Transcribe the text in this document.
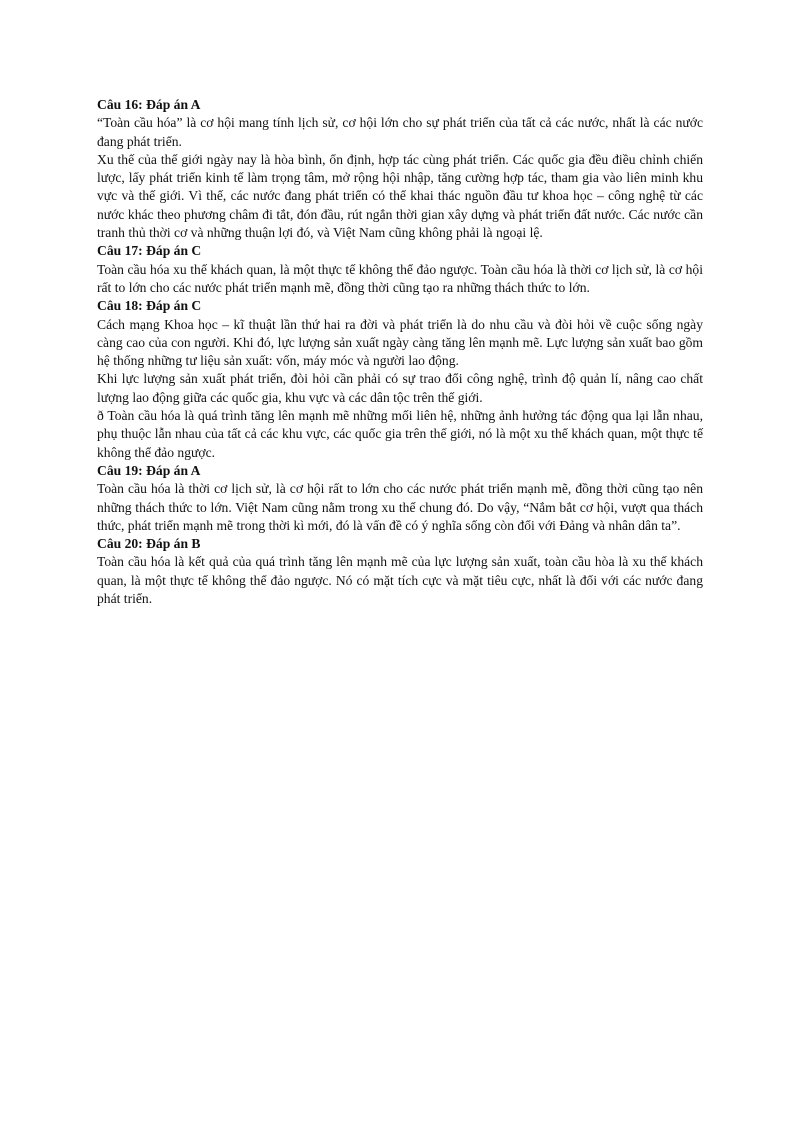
Câu 16: Đáp án A

“Toàn cầu hóa” là cơ hội mang tính lịch sử, cơ hội lớn cho sự phát triển của tất cả các nước, nhất là các nước đang phát triển.

Xu thế của thế giới ngày nay là hòa bình, ổn định, hợp tác cùng phát triển. Các quốc gia đều điều chỉnh chiến lược, lấy phát triển kinh tế làm trọng tâm, mở rộng hội nhập, tăng cường hợp tác, tham gia vào liên minh khu vực và thế giới. Vì thế, các nước đang phát triển có thể khai thác nguồn đầu tư khoa học – công nghệ từ các nước khác theo phương châm đi tắt, đón đầu, rút ngắn thời gian xây dựng và phát triển đất nước. Các nước cần tranh thủ thời cơ và những thuận lợi đó, và Việt Nam cũng không phải là ngoại lệ.

Câu 17: Đáp án C

Toàn cầu hóa xu thế khách quan, là một thực tế không thể đảo ngược. Toàn cầu hóa là thời cơ lịch sử, là cơ hội rất to lớn cho các nước phát triển mạnh mẽ, đồng thời cũng tạo ra những thách thức to lớn.

Câu 18: Đáp án C

Cách mạng Khoa học – kĩ thuật lần thứ hai ra đời và phát triển là do nhu cầu và đòi hỏi về cuộc sống ngày càng cao của con người. Khi đó, lực lượng sản xuất ngày càng tăng lên mạnh mẽ. Lực lượng sản xuất bao gồm hệ thống những tư liệu sản xuất: vốn, máy móc và người lao động.

Khi lực lượng sản xuất phát triển, đòi hỏi cần phải có sự trao đổi công nghệ, trình độ quản lí, nâng cao chất lượng lao động giữa các quốc gia, khu vực và các dân tộc trên thế giới.

ð Toàn cầu hóa là quá trình tăng lên mạnh mẽ những mối liên hệ, những ảnh hưởng tác động qua lại lẫn nhau, phụ thuộc lẫn nhau của tất cả các khu vực, các quốc gia trên thế giới, nó là một xu thế khách quan, một thực tế không thể đảo ngược.

Câu 19: Đáp án A

Toàn cầu hóa là thời cơ lịch sử, là cơ hội rất to lớn cho các nước phát triển mạnh mẽ, đồng thời cũng tạo nên những thách thức to lớn. Việt Nam cũng nằm trong xu thế chung đó. Do vậy, “Nắm bắt cơ hội, vượt qua thách thức, phát triển mạnh mẽ trong thời kì mới, đó là vấn đề có ý nghĩa sống còn đối với Đảng và nhân dân ta”.

Câu 20: Đáp án B

Toàn cầu hóa là kết quả của quá trình tăng lên mạnh mẽ của lực lượng sản xuất, toàn cầu hòa là xu thế khách quan, là một thực tế không thể đảo ngược. Nó có mặt tích cực và mặt tiêu cực, nhất là đối với các nước đang phát triển.
